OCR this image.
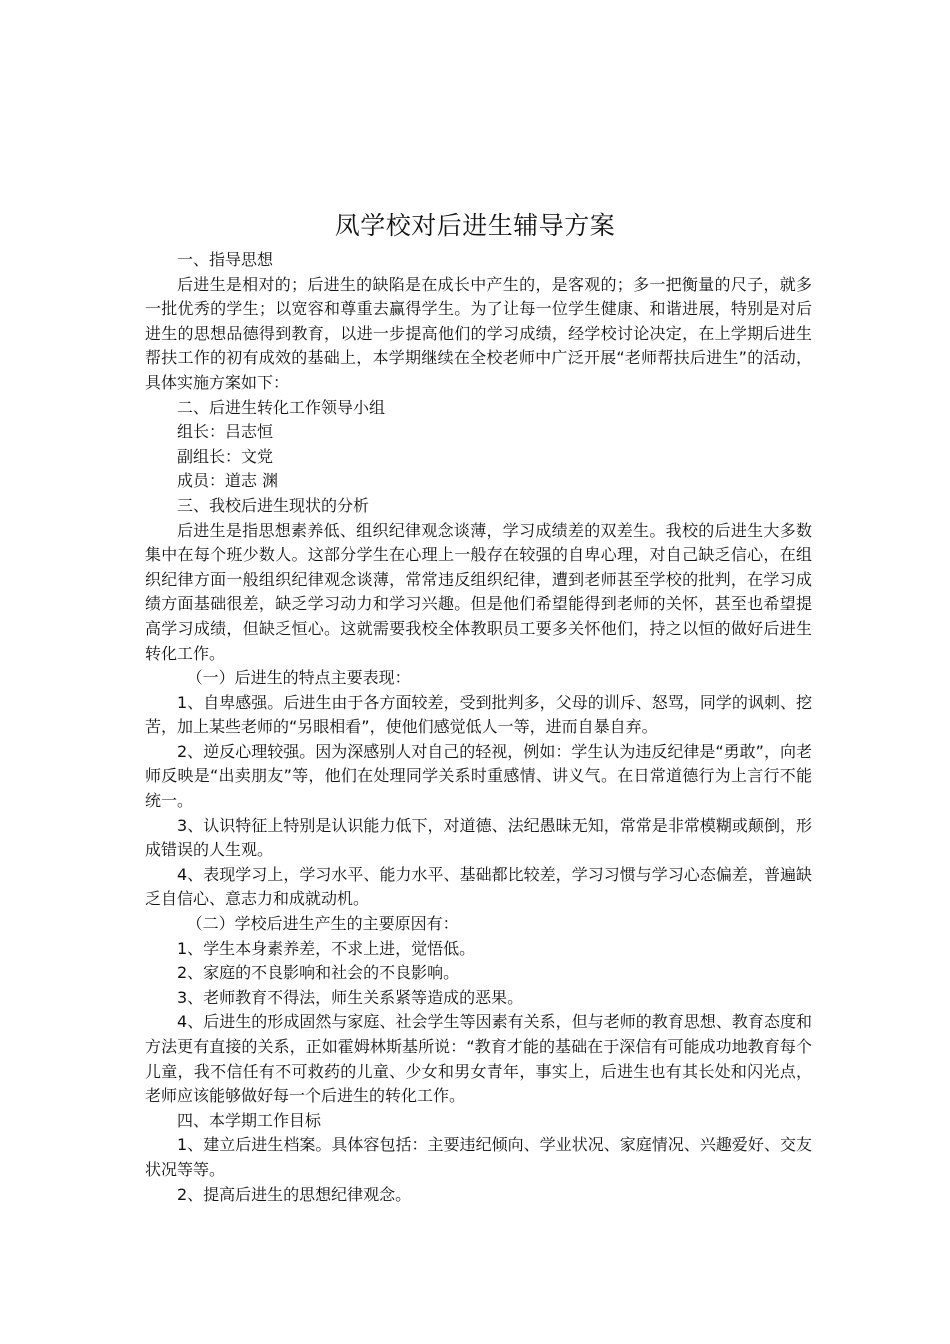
凤学校对后进生辅导方案

一、指导思想

后进生是相对的；后进生的缺陷是在成长中产生的，是客观的；多一把衡量的尺子，就多一批优秀的学生；以宽容和尊重去赢得学生。为了让每一位学生健康、和谐进展，特别是对后进生的思想品德得到教育，以进一步提高他们的学习成绩，经学校讨论决定，在上学期后进生帮扶工作的初有成效的基础上，本学期继续在全校老师中广泛开展“老师帮扶后进生”的活动，具体实施方案如下：

二、后进生转化工作领导小组

组长：吕志恒

副组长：文党

成员：道志 渊

三、我校后进生现状的分析

后进生是指思想素养低、组织纪律观念谈薄，学习成绩差的双差生。我校的后进生大多数集中在每个班少数人。这部分学生在心理上一般存在较强的自卑心理，对自己缺乏信心，在组织纪律方面一般组织纪律观念谈薄，常常违反组织纪律，遭到老师甚至学校的批判，在学习成绩方面基础很差，缺乏学习动力和学习兴趣。但是他们希望能得到老师的关怀，甚至也希望提高学习成绩，但缺乏恒心。这就需要我校全体教职员工要多关怀他们，持之以恒的做好后进生转化工作。

（一）后进生的特点主要表现：

1、自卑感强。后进生由于各方面较差，受到批判多，父母的训斥、怒骂，同学的讽刺、挖苦，加上某些老师的“另眼相看”，使他们感觉低人一等，进而自暴自弃。

2、逆反心理较强。因为深感别人对自己的轻视，例如：学生认为违反纪律是“勇敢”，向老师反映是“出卖朋友”等，他们在处理同学关系时重感情、讲义气。在日常道德行为上言行不能统一。

3、认识特征上特别是认识能力低下，对道德、法纪愚昧无知，常常是非常模糊或颠倒，形成错误的人生观。

4、表现学习上，学习水平、能力水平、基础都比较差，学习习惯与学习心态偏差，普遍缺乏自信心、意志力和成就动机。

（二）学校后进生产生的主要原因有：

1、学生本身素养差，不求上进，觉悟低。

2、家庭的不良影响和社会的不良影响。

3、老师教育不得法，师生关系紧等造成的恶果。

4、后进生的形成固然与家庭、社会学生等因素有关系，但与老师的教育思想、教育态度和方法更有直接的关系，正如霍姆林斯基所说：“教育才能的基础在于深信有可能成功地教育每个儿童，我不信任有不可救药的儿童、少女和男女青年，事实上，后进生也有其长处和闪光点，老师应该能够做好每一个后进生的转化工作。

四、本学期工作目标

1、建立后进生档案。具体容包括：主要违纪倾向、学业状况、家庭情况、兴趣爱好、交友状况等等。

2、提高后进生的思想纪律观念。
